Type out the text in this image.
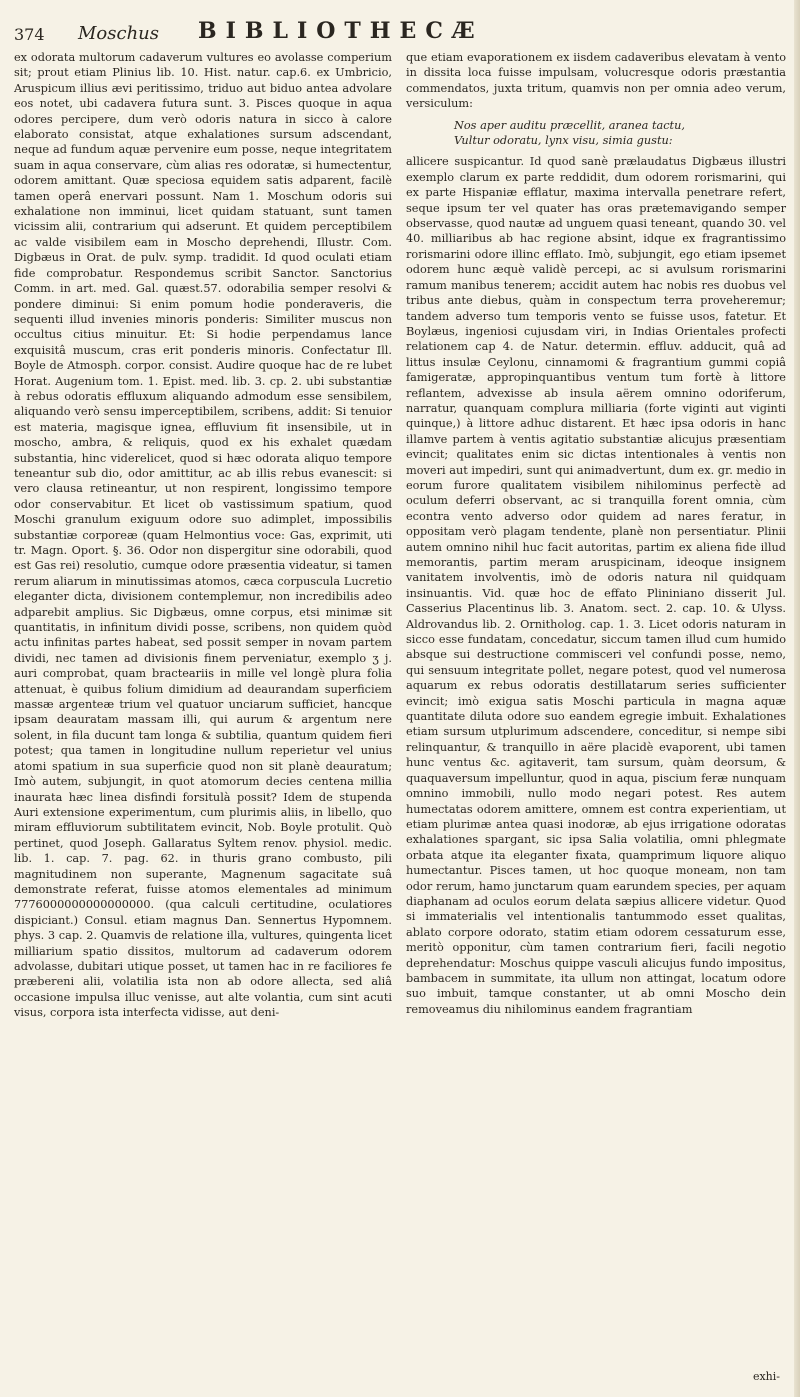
374	Moschus	BIBLIOTHECÆ

ex odorata multorum cadaverum vultures eo avolasse comperium sit; prout etiam Plinius lib. 10. Hist. natur. cap.6. ex Umbricio, Aruspicum illius ævi peritissimo, triduo aut biduo antea advolare eos notet, ubi cadavera futura sunt. 3. Pisces quoque in aqua odores percipere, dum verò odoris natura in sicco à calore elaborato consistat, atque exhalationes sursum adscendant, neque ad fundum aquæ pervenire eum posse, neque integritatem suam in aqua conservare, cùm alias res odoratæ, si humectentur, odorem amittant. Quæ speciosa equidem satis adparent, facilè tamen operâ enervari possunt. Nam 1. Moschum odoris sui exhalatione non imminui, licet quidam statuant, sunt tamen vicissim alii, contrarium qui adserunt. Et quidem perceptibilem ac valde visibilem eam in Moscho deprehendi, Illustr. Com. Digbæus in Orat. de pulv. symp. tradidit. Id quod oculati etiam fide comprobatur. Respondemus scribit Sanctor. Sanctorius Comm. in art. med. Gal. quæst.57. odorabilia semper resolvi & pondere diminui: Si enim pomum hodie ponderaveris, die sequenti illud invenies minoris ponderis: Similiter muscus non occultus citius minuitur. Et: Si hodie perpendamus lance exquisitâ muscum, cras erit ponderis minoris. Confectatur Ill. Boyle de Atmosph. corpor. consist. Audire quoque hac de re lubet Horat. Augenium tom. 1. Epist. med. lib. 3. cp. 2. ubi substantiæ à rebus odoratis effluxum aliquando admodum esse sensibilem, aliquando verò sensu imperceptibilem, scribens, addit: Si tenuior est materia, magisque ignea, effluvium fit insensibile, ut in moscho, ambra, & reliquis, quod ex his exhalet quædam substantia, hinc viderelicet, quod si hæc odorata aliquo tempore teneantur sub dio, odor amittitur, ac ab illis rebus evanescit: si vero clausa retineantur, ut non respirent, longissimo tempore odor conservabitur. Et licet ob vastissimum spatium, quod Moschi granulum exiguum odore suo adimplet, impossibilis substantiæ corporeæ (quam Helmontius voce: Gas, exprimit, uti tr. Magn. Oport. §. 36. Odor non dispergitur sine odorabili, quod est Gas rei) resolutio, cumque odore præsentia videatur, si tamen rerum aliarum in minutissimas atomos, cæca corpuscula Lucretio eleganter dicta, divisionem contemplemur, non incredibilis adeo adparebit amplius. Sic Digbæus, omne corpus, etsi minimæ sit quantitatis, in infinitum dividi posse, scribens, non quidem quòd actu infinitas partes habeat, sed possit semper in novam partem dividi, nec tamen ad divisionis finem perveniatur, exemplo ʒ j. auri comprobat, quam bracteariis in mille vel longè plura folia attenuat, è quibus folium dimidium ad deaurandam superficiem massæ argenteæ trium vel quatuor unciarum sufficiet, hancque ipsam deauratam massam illi, qui aurum & argentum nere solent, in fila ducunt tam longa & subtilia, quantum quidem fieri potest; qua tamen in longitudine nullum reperietur vel unius atomi spatium in sua superficie quod non sit planè deauratum; Imò autem, subjungit, in quot atomorum decies centena millia inaurata hæc linea disfindi forsitulà possit? Idem de stupenda Auri extensione experimentum, cum plurimis aliis, in libello, quo miram effluviorum subtilitatem evincit, Nob. Boyle protulit. Quò pertinet, quod Joseph. Gallaratus Syltem renov. physiol. medic. lib. 1. cap. 7. pag. 62. in thuris grano combusto, pili magnitudinem non superante, Magnenum sagacitate suâ demonstrate referat, fuisse atomos elementales ad minimum 7776000000000000000. (qua calculi certitudine, oculatiores dispiciant.) Consul. etiam magnus Dan. Sennertus Hypomnem. phys. 3 cap. 2. Quamvis de relatione illa, vultures, quingenta licet milliarium spatio dissitos, multorum ad cadaverum odorem advolasse, dubitari utique posset, ut tamen hac in re faciliores fe præbereni alii, volatilia ista non ab odore allecta, sed aliâ occasione impulsa illuc venisse, aut alte volantia, cum sint acuti visus, corpora ista interfecta vidisse, aut deni-

que etiam evaporationem ex iisdem cadaveribus elevatam à vento in dissita loca fuisse impulsam, volucresque odoris præstantia commendatos, juxta tritum, quamvis non per omnia adeo verum, versiculum:

Nos aper auditu præcellit, aranea tactu,
Vultur odoratu, lynx visu, simia gustu:

allicere suspicantur. Id quod sanè prælaudatus Digbæus illustri exemplo clarum ex parte reddidit, dum odorem rorismarini, qui ex parte Hispaniæ efflatur, maxima intervalla penetrare refert, seque ipsum ter vel quater has oras prætemavigando semper observasse, quod nautæ ad unguem quasi teneant, quando 30. vel 40. milliaribus ab hac regione absint, idque ex fragrantissimo rorismarini odore illinc efflato. Imò, subjungit, ego etiam ipsemet odorem hunc æquè validè percepi, ac si avulsum rorismarini ramum manibus tenerem; accidit autem hac nobis res duobus vel tribus ante diebus, quàm in conspectum terra proveheremur; tandem adverso tum temporis vento se fuisse usos, fatetur. Et Boylæus, ingeniosi cujusdam viri, in Indias Orientales profecti relationem cap 4. de Natur. determin. effluv. adducit, quâ ad littus insulæ Ceylonu, cinnamomi & fragrantium gummi copiâ famigeratæ, appropinquantibus ventum tum fortè à littore reflantem, advexisse ab insula aërem omnino odoriferum, narratur, quanquam complura milliaria (forte viginti aut viginti quinque,) à littore adhuc distarent. Et hæc ipsa odoris in hanc illamve partem à ventis agitatio substantiæ alicujus præsentiam evincit; qualitates enim sic dictas intentionales à ventis non moveri aut impediri, sunt qui animadvertunt, dum ex. gr. medio in eorum furore qualitatem visibilem nihilominus perfectè ad oculum deferri observant, ac si tranquilla forent omnia, cùm econtra vento adverso odor quidem ad nares feratur, in oppositam verò plagam tendente, planè non persentiatur. Plinii autem omnino nihil huc facit autoritas, partim ex aliena fide illud memorantis, partim meram aruspicinam, ideoque insignem vanitatem involventis, imò de odoris natura nil quidquam insinuantis. Vid. quæ hoc de effato Plininiano disserit Jul. Casserius Placentinus lib. 3. Anatom. sect. 2. cap. 10. & Ulyss. Aldrovandus lib. 2. Ornitholog. cap. 1. 3. Licet odoris naturam in sicco esse fundatam, concedatur, siccum tamen illud cum humido absque sui destructione commisceri vel confundi posse, nemo, qui sensuum integritate pollet, negare potest, quod vel numerosa aquarum ex rebus odoratis destillatarum series sufficienter evincit; imò exigua satis Moschi particula in magna aquæ quantitate diluta odore suo eandem egregie imbuit. Exhalationes etiam sursum utplurimum adscendere, conceditur, si nempe sibi relinquantur, & tranquillo in aëre placidè evaporent, ubi tamen hunc ventus &c. agitaverit, tam sursum, quàm deorsum, & quaquaversum impelluntur, quod in aqua, piscium feræ nunquam omnino immobili, nullo modo negari potest. Res autem humectatas odorem amittere, omnem est contra experientiam, ut etiam plurimæ antea quasi inodoræ, ab ejus irrigatione odoratas exhalationes spargant, sic ipsa Salia volatilia, omni phlegmate orbata atque ita eleganter fixata, quamprimum liquore aliquo humectantur. Pisces tamen, ut hoc quoque moneam, non tam odor rerum, hamo junctarum quam earundem species, per aquam diaphanam ad oculos eorum delata sæpius allicere videtur. Quod si immaterialis vel intentionalis tantummodo esset qualitas, ablato corpore odorato, statim etiam odorem cessaturum esse, meritò opponitur, cùm tamen contrarium fieri, facili negotio deprehendatur: Moschus quippe vasculi alicujus fundo impositus, bambacem in summitate, ita ullum non attingat, locatum odore suo imbuit, tamque constanter, ut ab omni Moscho dein removeamus diu nihilominus eandem fragrantiam

exhi-
